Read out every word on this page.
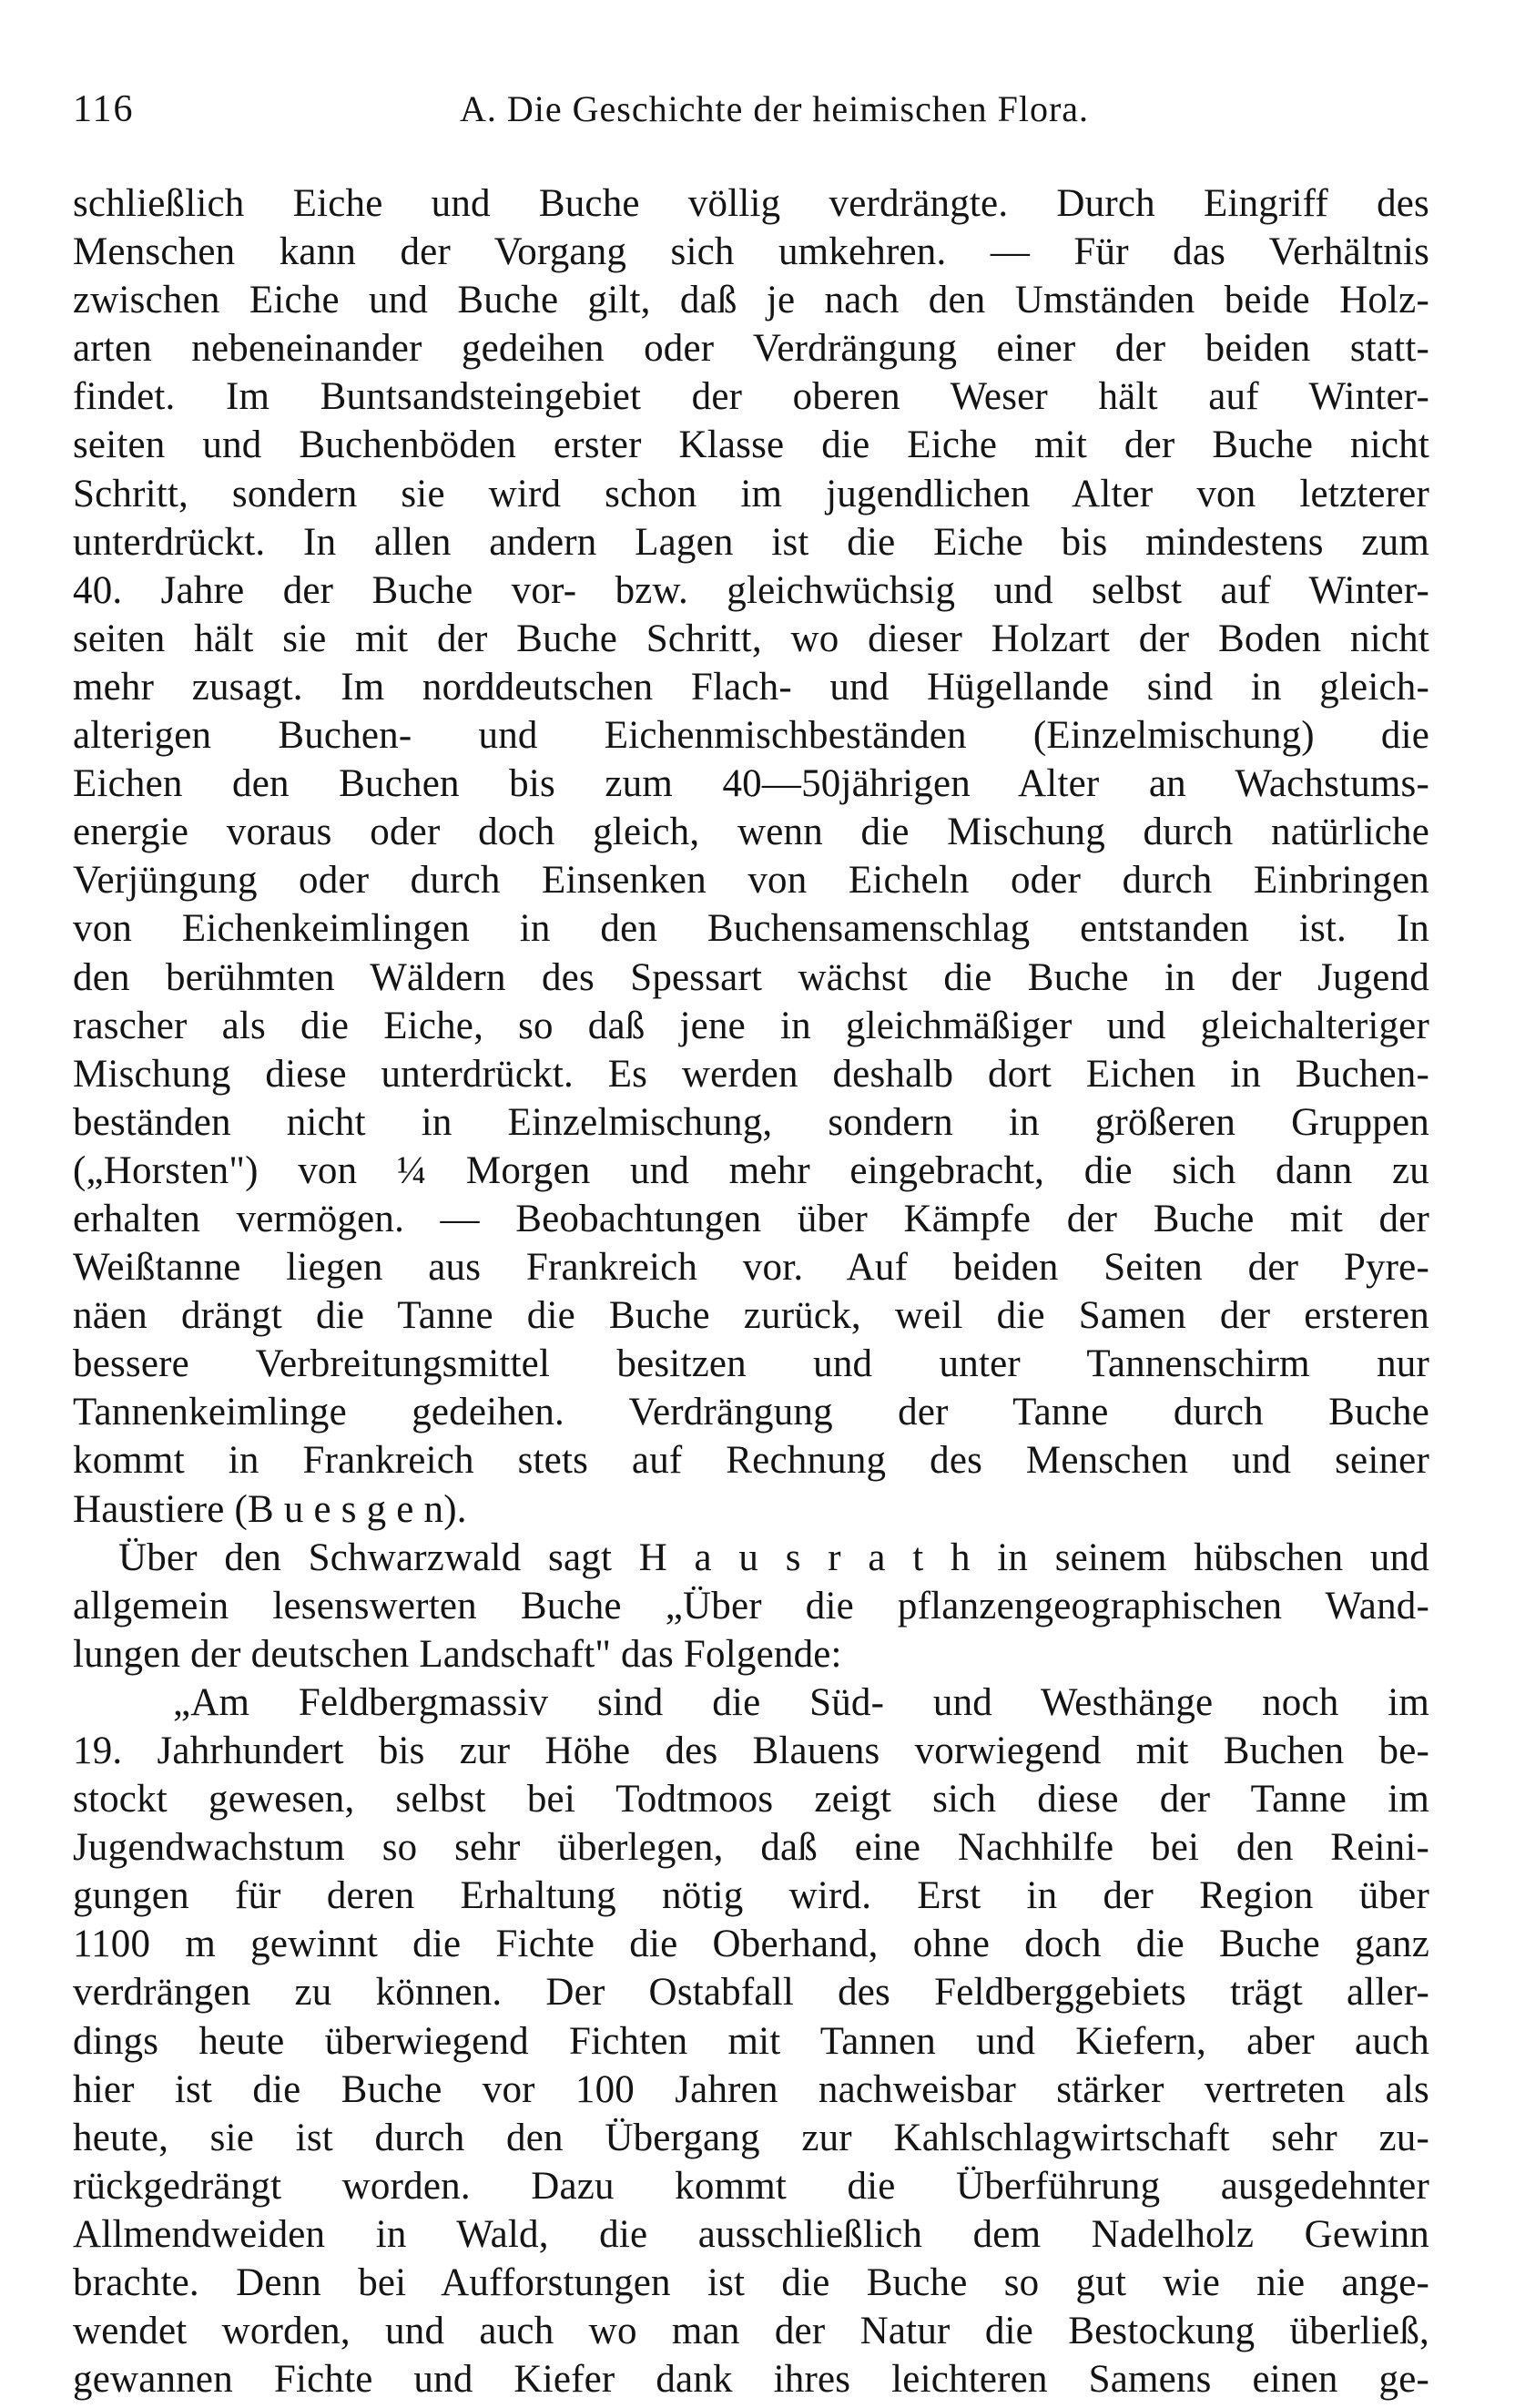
116	A. Die Geschichte der heimischen Flora.
schließlich Eiche und Buche völlig verdrängte. Durch Eingriff des
Menschen kann der Vorgang sich umkehren. — Für das Verhältnis
zwischen Eiche und Buche gilt, daß je nach den Umständen beide Holz-
arten nebeneinander gedeihen oder Verdrängung einer der beiden statt-
findet. Im Buntsandsteingebiet der oberen Weser hält auf Winter-
seiten und Buchenböden erster Klasse die Eiche mit der Buche nicht
Schritt, sondern sie wird schon im jugendlichen Alter von letzterer
unterdrückt. In allen andern Lagen ist die Eiche bis mindestens zum
40. Jahre der Buche vor- bzw. gleichwüchsig und selbst auf Winter-
seiten hält sie mit der Buche Schritt, wo dieser Holzart der Boden nicht
mehr zusagt. Im norddeutschen Flach- und Hügellande sind in gleich-
alterigen Buchen- und Eichenmischbeständen (Einzelmischung) die
Eichen den Buchen bis zum 40—50jährigen Alter an Wachstums-
energie voraus oder doch gleich, wenn die Mischung durch natürliche
Verjüngung oder durch Einsenken von Eicheln oder durch Einbringen
von Eichenkeimlingen in den Buchensamenschlag entstanden ist. In
den berühmten Wäldern des Spessart wächst die Buche in der Jugend
rascher als die Eiche, so daß jene in gleichmäßiger und gleichalteriger
Mischung diese unterdrückt. Es werden deshalb dort Eichen in Buchen-
beständen nicht in Einzelmischung, sondern in größeren Gruppen
(„Horsten") von ¼ Morgen und mehr eingebracht, die sich dann zu
erhalten vermögen. — Beobachtungen über Kämpfe der Buche mit der
Weißtanne liegen aus Frankreich vor. Auf beiden Seiten der Pyre-
näen drängt die Tanne die Buche zurück, weil die Samen der ersteren
bessere Verbreitungsmittel besitzen und unter Tannenschirm nur
Tannenkeimlinge gedeihen. Verdrängung der Tanne durch Buche
kommt in Frankreich stets auf Rechnung des Menschen und seiner
Haustiere (B u e s g e n).
Über den Schwarzwald sagt H a u s r a t h in seinem hübschen und
allgemein lesenswerten Buche „Über die pflanzengeographischen Wand-
lungen der deutschen Landschaft" das Folgende:
„Am Feldbergmassiv sind die Süd- und Westhänge noch im
19. Jahrhundert bis zur Höhe des Blauens vorwiegend mit Buchen be-
stockt gewesen, selbst bei Todtmoos zeigt sich diese der Tanne im
Jugendwachstum so sehr überlegen, daß eine Nachhilfe bei den Reini-
gungen für deren Erhaltung nötig wird. Erst in der Region über
1100 m gewinnt die Fichte die Oberhand, ohne doch die Buche ganz
verdrängen zu können. Der Ostabfall des Feldberggebiets trägt aller-
dings heute überwiegend Fichten mit Tannen und Kiefern, aber auch
hier ist die Buche vor 100 Jahren nachweisbar stärker vertreten als
heute, sie ist durch den Übergang zur Kahlschlagwirtschaft sehr zu-
rückgedrängt worden. Dazu kommt die Überführung ausgedehnter
Allmendweiden in Wald, die ausschließlich dem Nadelholz Gewinn
brachte. Denn bei Aufforstungen ist die Buche so gut wie nie ange-
wendet worden, und auch wo man der Natur die Bestockung überließ,
gewannen Fichte und Kiefer dank ihres leichteren Samens einen ge-
